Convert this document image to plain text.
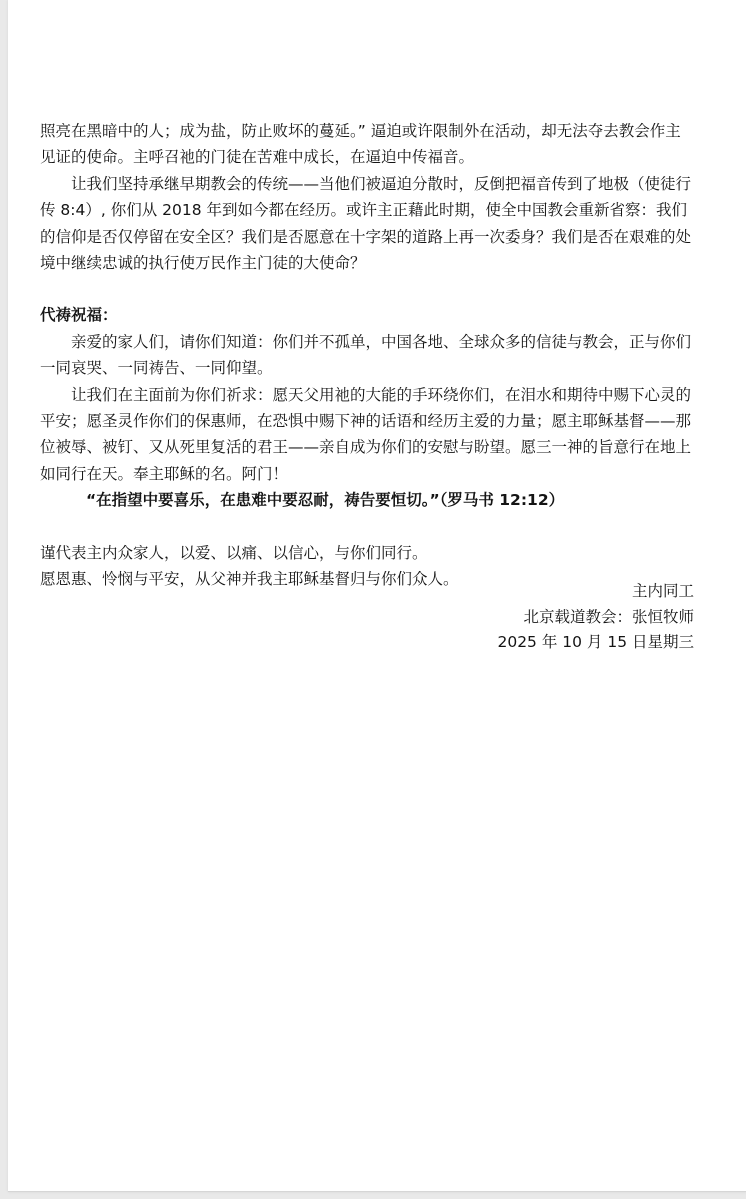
照亮在黑暗中的人；成为盐，防止败坏的蔓延。” 逼迫或许限制外在活动，却无法夺去教会作主见证的使命。主呼召祂的门徒在苦难中成长，在逼迫中传福音。

让我们坚持承继早期教会的传统——当他们被逼迫分散时，反倒把福音传到了地极（使徒行传 8:4）, 你们从 2018 年到如今都在经历。或许主正藉此时期，使全中国教会重新省察：我们的信仰是否仅停留在安全区？我们是否愿意在十字架的道路上再一次委身？我们是否在艰难的处境中继续忠诚的执行使万民作主门徒的大使命？

代祷祝福：

亲爱的家人们，请你们知道：你们并不孤单，中国各地、全球众多的信徒与教会，正与你们一同哀哭、一同祷告、一同仰望。

让我们在主面前为你们祈求：愿天父用祂的大能的手环绕你们，在泪水和期待中赐下心灵的平安；愿圣灵作你们的保惠师，在恐惧中赐下神的话语和经历主爱的力量；愿主耶稣基督——那位被辱、被钉、又从死里复活的君王——亲自成为你们的安慰与盼望。愿三一神的旨意行在地上如同行在天。奉主耶稣的名。阿门！

“在指望中要喜乐，在患难中要忍耐，祷告要恒切。”（罗马书 12:12）

谨代表主内众家人，以爱、以痛、以信心，与你们同行。

愿恩惠、怜悯与平安，从父神并我主耶稣基督归与你们众人。

主内同工
北京载道教会：张恒牧师
2025 年 10 月 15 日星期三
